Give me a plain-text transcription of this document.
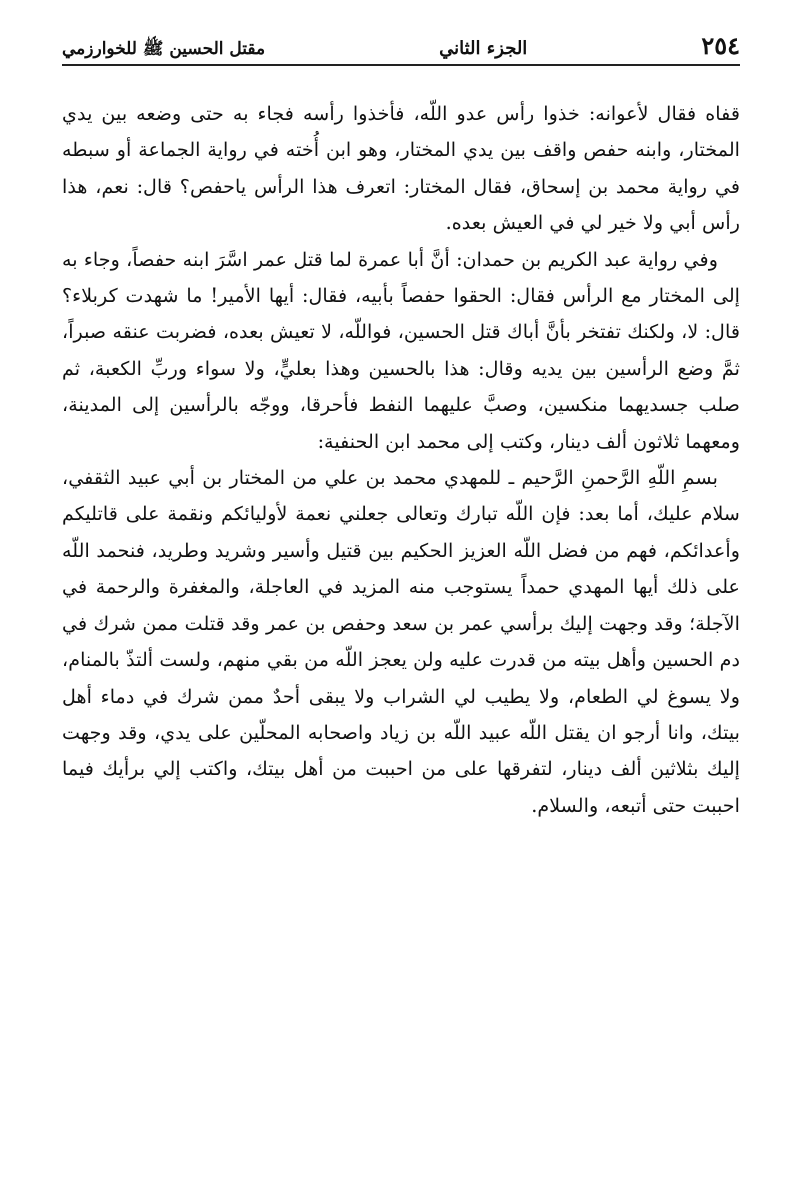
٢٥٤
الجزء الثاني
مقتل الحسين ﷺ للخوارزمي

قفاه فقال لأعوانه: خذوا رأس عدو اللّه، فأخذوا رأسه فجاء به حتى وضعه بين يدي المختار، وابنه حفص واقف بين يدي المختار، وهو ابن أُخته في رواية الجماعة أو سبطه في رواية محمد بن إسحاق، فقال المختار: اتعرف هذا الرأس ياحفص؟ قال: نعم، هذا رأس أبي ولا خير لي في العيش بعده.

وفي رواية عبد الكريم بن حمدان: أنَّ أبا عمرة لما قتل عمر اسَّرَ ابنه حفصاً، وجاء به إلى المختار مع الرأس فقال: الحقوا حفصاً بأبيه، فقال: أيها الأمير! ما شهدت كربلاء؟ قال: لا، ولكنك تفتخر بأنَّ أباك قتل الحسين، فواللّه، لا تعيش بعده، فضربت عنقه صبراً، ثمَّ وضع الرأسين بين يديه وقال: هذا بالحسين وهذا بعليٍّ، ولا سواء وربِّ الكعبة، ثم صلب جسديهما منكسين، وصبَّ عليهما النفط فأحرقا، ووجّه بالرأسين إلى المدينة، ومعهما ثلاثون ألف دينار، وكتب إلى محمد ابن الحنفية:

بسمِ اللّهِ الرَّحمنِ الرَّحيم ـ للمهدي محمد بن علي من المختار بن أبي عبيد الثقفي، سلام عليك، أما بعد: فإن اللّه تبارك وتعالى جعلني نعمة لأوليائكم ونقمة على قاتليكم وأعدائكم، فهم من فضل اللّه العزيز الحكيم بين قتيل وأسير وشريد وطريد، فنحمد اللّه على ذلك أيها المهدي حمداً يستوجب منه المزيد في العاجلة، والمغفرة والرحمة في الآجلة؛ وقد وجهت إليك برأسي عمر بن سعد وحفص بن عمر وقد قتلت ممن شرك في دم الحسين وأهل بيته من قدرت عليه ولن يعجز اللّه من بقي منهم، ولست ألتذّ بالمنام، ولا يسوغ لي الطعام، ولا يطيب لي الشراب ولا يبقى أحدٌ ممن شرك في دماء أهل بيتك، وانا أرجو ان يقتل اللّه عبيد اللّه بن زياد واصحابه المحلّين على يدي، وقد وجهت إليك بثلاثين ألف دينار، لتفرقها على من احببت من أهل بيتك، واكتب إلي برأيك فيما احببت حتى أتبعه، والسلام.
